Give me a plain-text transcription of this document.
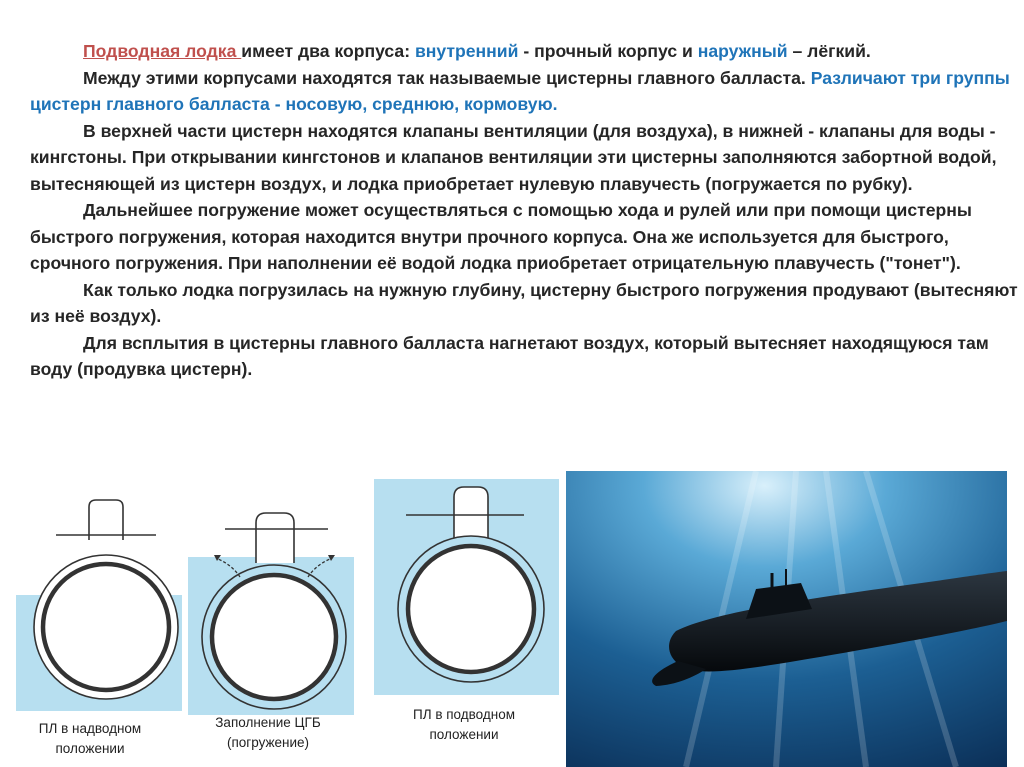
Подводная лодка имеет два корпуса: внутренний - прочный корпус и наружный – лёгкий.

Между этими корпусами находятся так называемые цистерны главного балласта. Различают три группы цистерн главного балласта - носовую, среднюю, кормовую.

В верхней части цистерн находятся клапаны вентиляции (для воздуха), в нижней - клапаны для воды - кингстоны. При открывании кингстонов и клапанов вентиляции эти цистерны заполняются забортной водой, вытесняющей из цистерн воздух, и лодка приобретает нулевую плавучесть (погружается по рубку).

Дальнейшее погружение может осуществляться с помощью хода и рулей или при помощи цистерны быстрого погружения, которая находится внутри прочного корпуса. Она же используется для быстрого, срочного погружения. При наполнении её водой лодка приобретает отрицательную плавучесть ("тонет").

Как только лодка погрузилась на нужную глубину, цистерну быстрого погружения продувают (вытесняют из неё воздух).

Для всплытия в цистерны главного балласта нагнетают воздух, который вытесняет находящуюся там воду (продувка цистерн).

ПЛ в надводном
положении
Заполнение ЦГБ
(погружение)
ПЛ в подводном
положении
